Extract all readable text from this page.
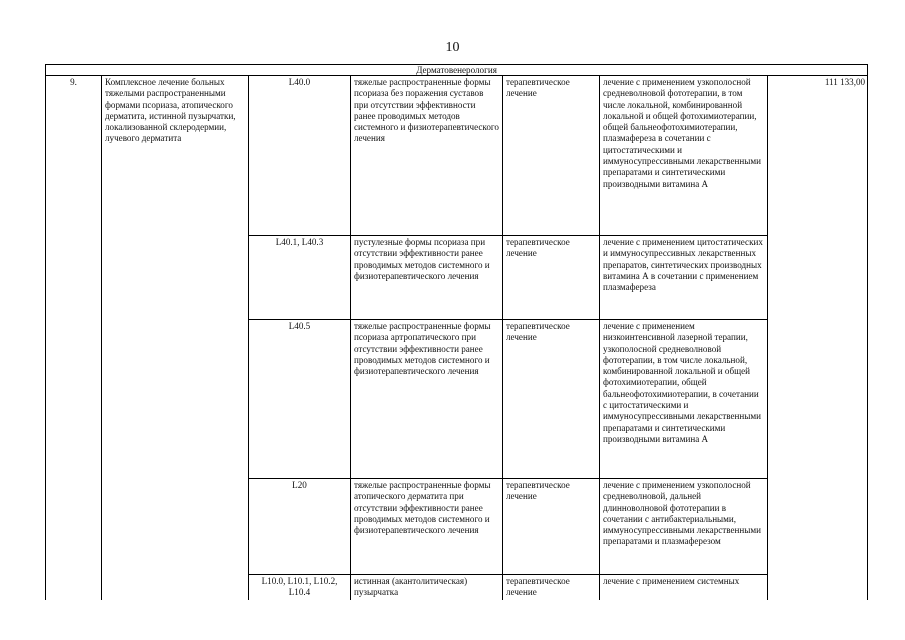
10
Дерматовенерология						
9.	Комплексное лечение больных тяжелыми распространенными формами псориаза, атопического дерматита, истинной пузырчатки, локализованной склеродермии, лучевого дерматита	L40.0	тяжелые распространенные формы псориаза без поражения суставов при отсутствии эффективности ранее проводимых методов системного и физиотерапевтического лечения	терапевтическое лечение	лечение с применением узкополосной средневолновой фототерапии, в том числе локальной, комбинированной локальной и общей фотохимиотерапии, общей бальнеофотохимиотерапии, плазмафереза в сочетании с цитостатическими и иммуносупрессивными лекарственными препаратами и синтетическими производными витамина А	111 133,00
		L40.1, L40.3	пустулезные формы псориаза при отсутствии эффективности ранее проводимых методов системного и физиотерапевтического лечения	терапевтическое лечение	лечение с применением цитостатических и иммуносупрессивных лекарственных препаратов, синтетических производных витамина А в сочетании с применением плазмафереза	
		L40.5	тяжелые распространенные формы псориаза артропатического при отсутствии эффективности ранее проводимых методов системного и физиотерапевтического лечения	терапевтическое лечение	лечение с применением низкоинтенсивной лазерной терапии, узкополосной средневолновой фототерапии, в том числе локальной, комбинированной локальной и общей фотохимиотерапии, общей бальнеофотохимиотерапии, в сочетании с цитостатическими и иммуносупрессивными лекарственными препаратами и синтетическими производными витамина А	
		L20	тяжелые распространенные формы атопического дерматита при отсутствии эффективности ранее проводимых методов системного и физиотерапевтического лечения	терапевтическое лечение	лечение с применением узкополосной средневолновой, дальней длинноволновой фототерапии в сочетании с антибактериальными, иммуносупрессивными лекарственными препаратами и плазмаферезом	
		L10.0, L10.1, L10.2, L10.4	истинная (акантолитическая) пузырчатка	терапевтическое лечение	лечение с применением системных	
